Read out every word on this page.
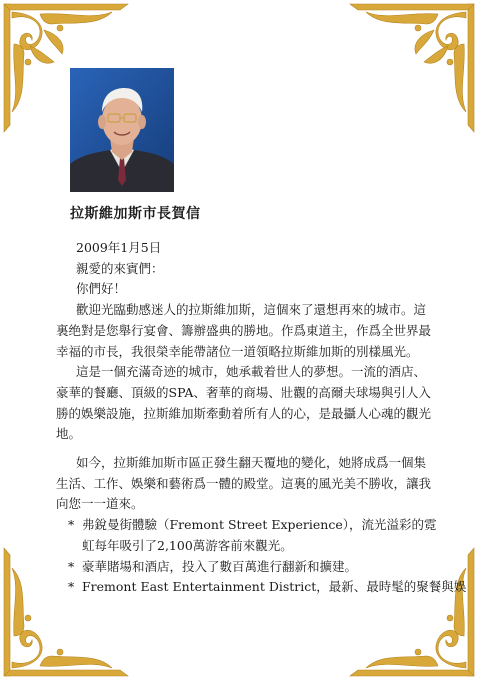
拉斯維加斯市長賀信
2009年1月5日
親愛的來賓們：
你們好！

歡迎光臨動感迷人的拉斯維加斯，這個來了還想再來的城市。這
裏绝對是您舉行宴會、籌辦盛典的勝地。作爲東道主，作爲全世界最
幸福的市長，我很榮幸能帶諸位一道領略拉斯維加斯的別樣風光。

這是一個充滿奇迹的城市，她承載着世人的夢想。一流的酒店、
豪華的餐廳、頂級的SPA、奢華的商場、壯觀的高爾夫球場與引人入
勝的娛樂設施，拉斯維加斯牽動着所有人的心，是最攝人心魂的觀光
地。

如今，拉斯維加斯市區正發生翻天覆地的變化，她將成爲一個集
生活、工作、娛樂和藝術爲一體的殿堂。這裏的風光美不勝收，讓我
向您一一道來。

* 弗銳曼街體驗（Fremont Street Experience），流光溢彩的霓
虹每年吸引了2,100萬游客前來觀光。
* 豪華賭場和酒店，投入了數百萬進行翻新和擴建。
* Fremont East Entertainment District，最新、最時髦的聚餐與娛
